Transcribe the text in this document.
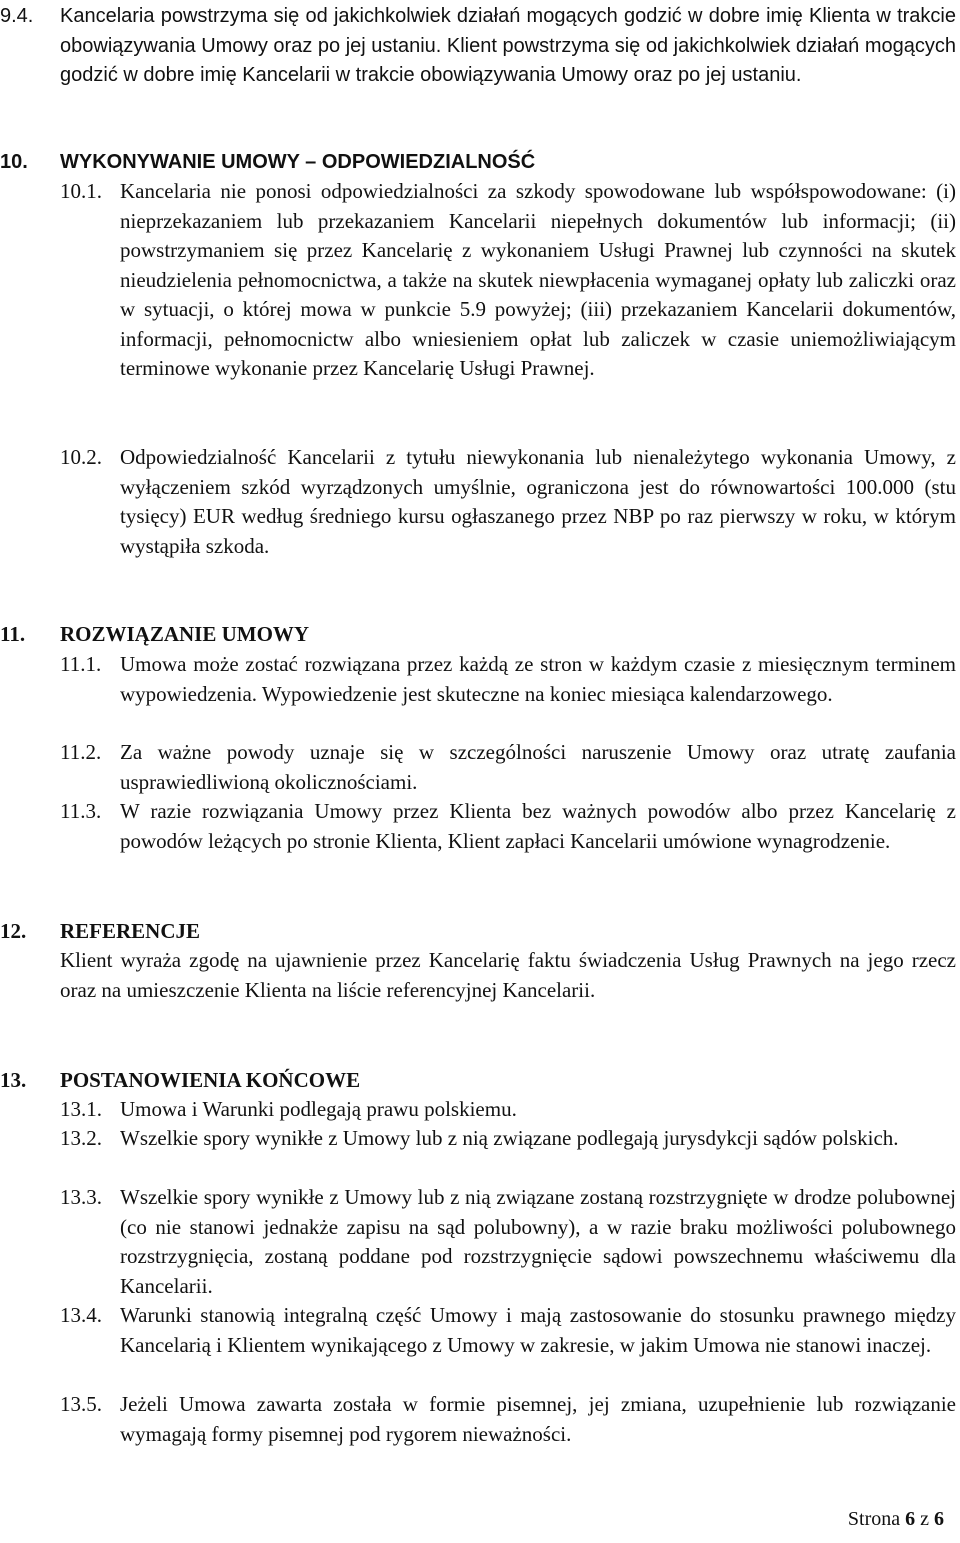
9.4.	Kancelaria powstrzyma się od jakichkolwiek działań mogących godzić w dobre imię Klienta w trakcie obowiązywania Umowy oraz po jej ustaniu. Klient powstrzyma się od jakichkolwiek działań mogących godzić w dobre imię Kancelarii w trakcie obowiązywania Umowy oraz po jej ustaniu.
10.	WYKONYWANIE UMOWY – ODPOWIEDZIALNOŚĆ
10.1. Kancelaria nie ponosi odpowiedzialności za szkody spowodowane lub współspowodowane: (i) nieprzekazaniem lub przekazaniem Kancelarii niepełnych dokumentów lub informacji; (ii) powstrzymaniem się przez Kancelarię z wykonaniem Usługi Prawnej lub czynności na skutek nieudzielenia pełnomocnictwa, a także na skutek niewpłacenia wymaganej opłaty lub zaliczki oraz w sytuacji, o której mowa w punkcie 5.9 powyżej; (iii) przekazaniem Kancelarii dokumentów, informacji, pełnomocnictw albo wniesieniem opłat lub zaliczek w czasie uniemożliwiającym terminowe wykonanie przez Kancelarię Usługi Prawnej.
10.2. Odpowiedzialność Kancelarii z tytułu niewykonania lub nienależytego wykonania Umowy, z wyłączeniem szkód wyrządzonych umyślnie, ograniczona jest do równowartości 100.000 (stu tysięcy) EUR według średniego kursu ogłaszanego przez NBP po raz pierwszy w roku, w którym wystąpiła szkoda.
11.	ROZWIĄZANIE UMOWY
11.1. Umowa może zostać rozwiązana przez każdą ze stron w każdym czasie z miesięcznym terminem wypowiedzenia. Wypowiedzenie jest skuteczne na koniec miesiąca kalendarzowego.
11.2. Za ważne powody uznaje się w szczególności naruszenie Umowy oraz utratę zaufania usprawiedliwioną okolicznościami.
11.3. W razie rozwiązania Umowy przez Klienta bez ważnych powodów albo przez Kancelarię z powodów leżących po stronie Klienta, Klient zapłaci Kancelarii umówione wynagrodzenie.
12.	REFERENCJE
Klient wyraża zgodę na ujawnienie przez Kancelarię faktu świadczenia Usług Prawnych na jego rzecz oraz na umieszczenie Klienta na liście referencyjnej Kancelarii.
13.	POSTANOWIENIA KOŃCOWE
13.1. Umowa i Warunki podlegają prawu polskiemu.
13.2. Wszelkie spory wynikłe z Umowy lub z nią związane podlegają jurysdykcji sądów polskich.
13.3. Wszelkie spory wynikłe z Umowy lub z nią związane zostaną rozstrzygnięte w drodze polubownej (co nie stanowi jednakże zapisu na sąd polubowny), a w razie braku możliwości polubownego rozstrzygnięcia, zostaną poddane pod rozstrzygnięcie sądowi powszechnemu właściwemu dla Kancelarii.
13.4. Warunki stanowią integralną część Umowy i mają zastosowanie do stosunku prawnego między Kancelarią i Klientem wynikającego z Umowy w zakresie, w jakim Umowa nie stanowi inaczej.
13.5. Jeżeli Umowa zawarta została w formie pisemnej, jej zmiana, uzupełnienie lub rozwiązanie wymagają formy pisemnej pod rygorem nieważności.
Strona 6 z 6
